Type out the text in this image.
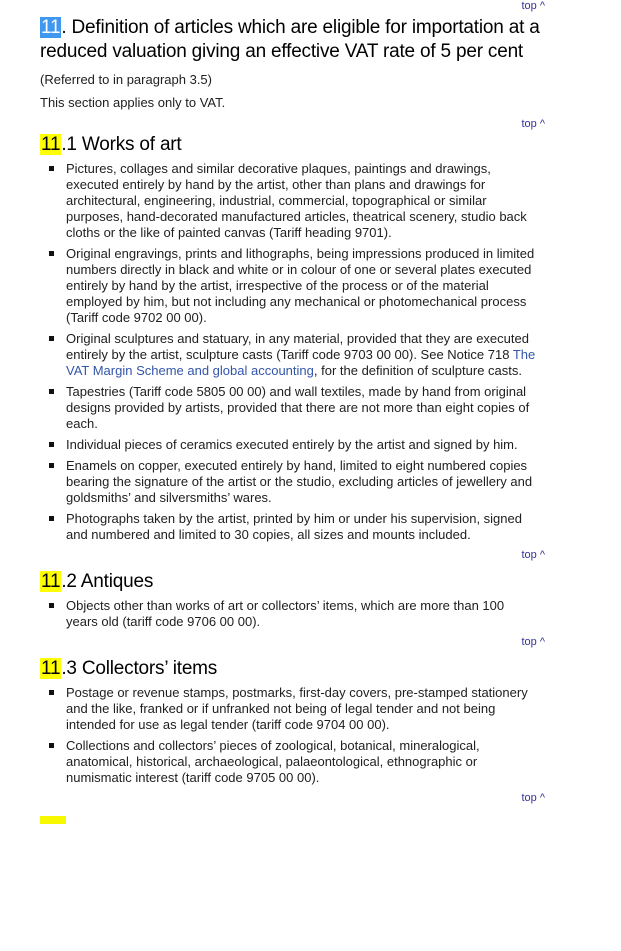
top ^
11. Definition of articles which are eligible for importation at a reduced valuation giving an effective VAT rate of 5 per cent

(Referred to in paragraph 3.5)

This section applies only to VAT.

top ^
11.1 Works of art
Pictures, collages and similar decorative plaques, paintings and drawings, executed entirely by hand by the artist, other than plans and drawings for architectural, engineering, industrial, commercial, topographical or similar purposes, hand-decorated manufactured articles, theatrical scenery, studio back cloths or the like of painted canvas (Tariff heading 9701).
Original engravings, prints and lithographs, being impressions produced in limited numbers directly in black and white or in colour of one or several plates executed entirely by hand by the artist, irrespective of the process or of the material employed by him, but not including any mechanical or photomechanical process (Tariff code 9702 00 00).
Original sculptures and statuary, in any material, provided that they are executed entirely by the artist, sculpture casts (Tariff code 9703 00 00). See Notice 718 The VAT Margin Scheme and global accounting, for the definition of sculpture casts.
Tapestries (Tariff code 5805 00 00) and wall textiles, made by hand from original designs provided by artists, provided that there are not more than eight copies of each.
Individual pieces of ceramics executed entirely by the artist and signed by him.
Enamels on copper, executed entirely by hand, limited to eight numbered copies bearing the signature of the artist or the studio, excluding articles of jewellery and goldsmiths’ and silversmiths’ wares.
Photographs taken by the artist, printed by him or under his supervision, signed and numbered and limited to 30 copies, all sizes and mounts included.
top ^
11.2 Antiques
Objects other than works of art or collectors’ items, which are more than 100 years old (tariff code 9706 00 00).
top ^
11.3 Collectors’ items
Postage or revenue stamps, postmarks, first-day covers, pre-stamped stationery and the like, franked or if unfranked not being of legal tender and not being intended for use as legal tender (tariff code 9704 00 00).
Collections and collectors’ pieces of zoological, botanical, mineralogical, anatomical, historical, archaeological, palaeontological, ethnographic or numismatic interest (tariff code 9705 00 00).
top ^
